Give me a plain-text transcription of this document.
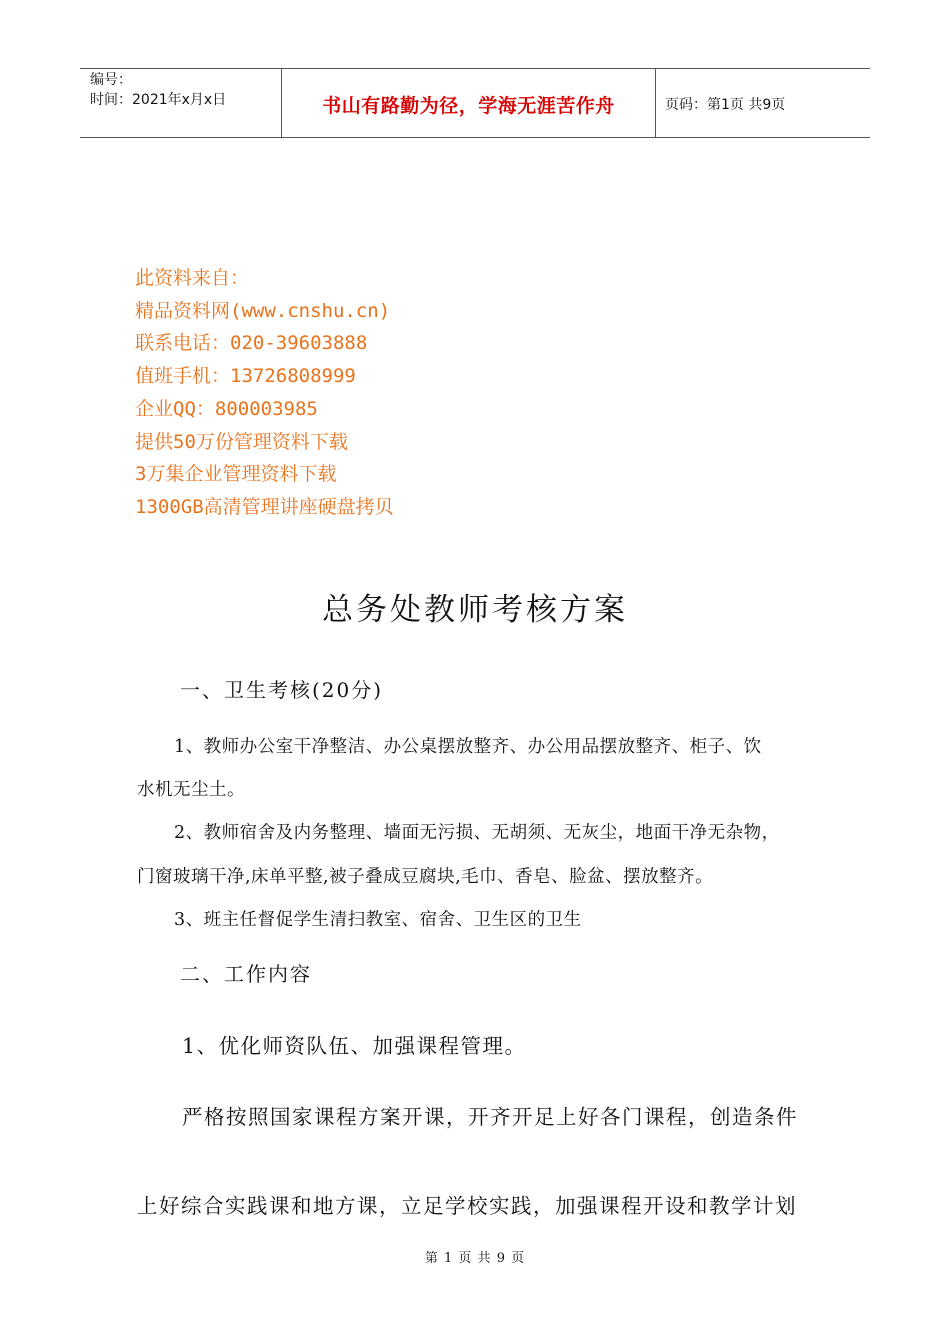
编号：
时间：2021年x月x日	书山有路勤为径，学海无涯苦作舟	页码：第1页 共9页
此资料来自：
精品资料网(www.cnshu.cn)
联系电话：020-39603888
值班手机：13726808999
企业QQ：800003985
提供50万份管理资料下载
3万集企业管理资料下载
1300GB高清管理讲座硬盘拷贝
总务处教师考核方案
一、卫生考核(20分)
1、教师办公室干净整洁、办公桌摆放整齐、办公用品摆放整齐、柜子、饮
水机无尘土。
2、教师宿舍及内务整理、墙面无污损、无胡须、无灰尘，地面干净无杂物，
门窗玻璃干净,床单平整,被子叠成豆腐块,毛巾、香皂、脸盆、摆放整齐。
3、班主任督促学生清扫教室、宿舍、卫生区的卫生
二、工作内容
1、优化师资队伍、加强课程管理。
严格按照国家课程方案开课，开齐开足上好各门课程，创造条件
上好综合实践课和地方课，立足学校实践，加强课程开设和教学计划
第 1 页 共 9 页
